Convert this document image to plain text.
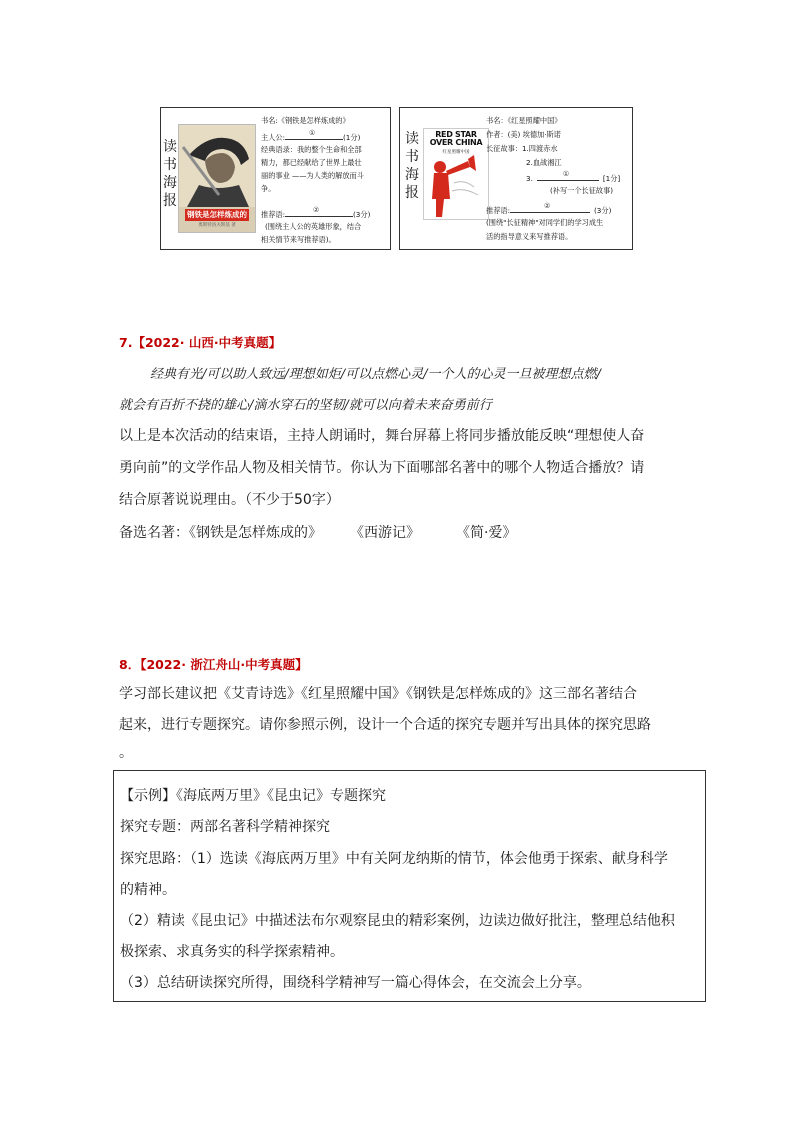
读
书
海
报
钢铁是怎样炼成的
奥斯特洛夫斯基 著
书名:《钢铁是怎样炼成的》
主人公:	①	(1分)
经典语录：我的整个生命和全部
精力，都已经献给了世界上最壮
丽的事业 ——为人类的解放而斗
争。
推荐语:	②	(3分)
(围绕主人公的英雄形象，结合
相关情节来写推荐语)。
读
书
海
报
RED STAR OVER CHINA
红星照耀中国
书名：《红星照耀中国》
作者：(美) 埃德加·斯诺
长征故事：1.四渡赤水
2.血战湘江
3.	①	[1分]
(补写一个长征故事)
推荐语:	②	(3分)
(围绕"长征精神"对同学们的学习成生
活的指导意义来写推荐语。
7.【2022· 山西·中考真题】
经典有光/可以助人致远/理想如炬/可以点燃心灵/一个人的心灵一旦被理想点燃/
就会有百折不挠的雄心/滴水穿石的坚韧/就可以向着未来奋勇前行
以上是本次活动的结束语，主持人朗诵时，舞台屏幕上将同步播放能反映“理想使人奋
勇向前”的文学作品人物及相关情节。你认为下面哪部名著中的哪个人物适合播放？请
结合原著说说理由。（不少于50字）
备选名著：《钢铁是怎样炼成的》 《西游记》	《简·爱》
8．【2022· 浙江舟山·中考真题】
学习部长建议把《艾青诗选》《红星照耀中国》《钢铁是怎样炼成的》这三部名著结合
起来，进行专题探究。请你参照示例，设计一个合适的探究专题并写出具体的探究思路
。
【示例】《海底两万里》《昆虫记》专题探究
探究专题：两部名著科学精神探究
探究思路：（1）选读《海底两万里》中有关阿龙纳斯的情节，体会他勇于探索、献身科学
的精神。
（2）精读《昆虫记》中描述法布尔观察昆虫的精彩案例，边读边做好批注，整理总结他积
极探索、求真务实的科学探索精神。
（3）总结研读探究所得，围绕科学精神写一篇心得体会，在交流会上分享。
